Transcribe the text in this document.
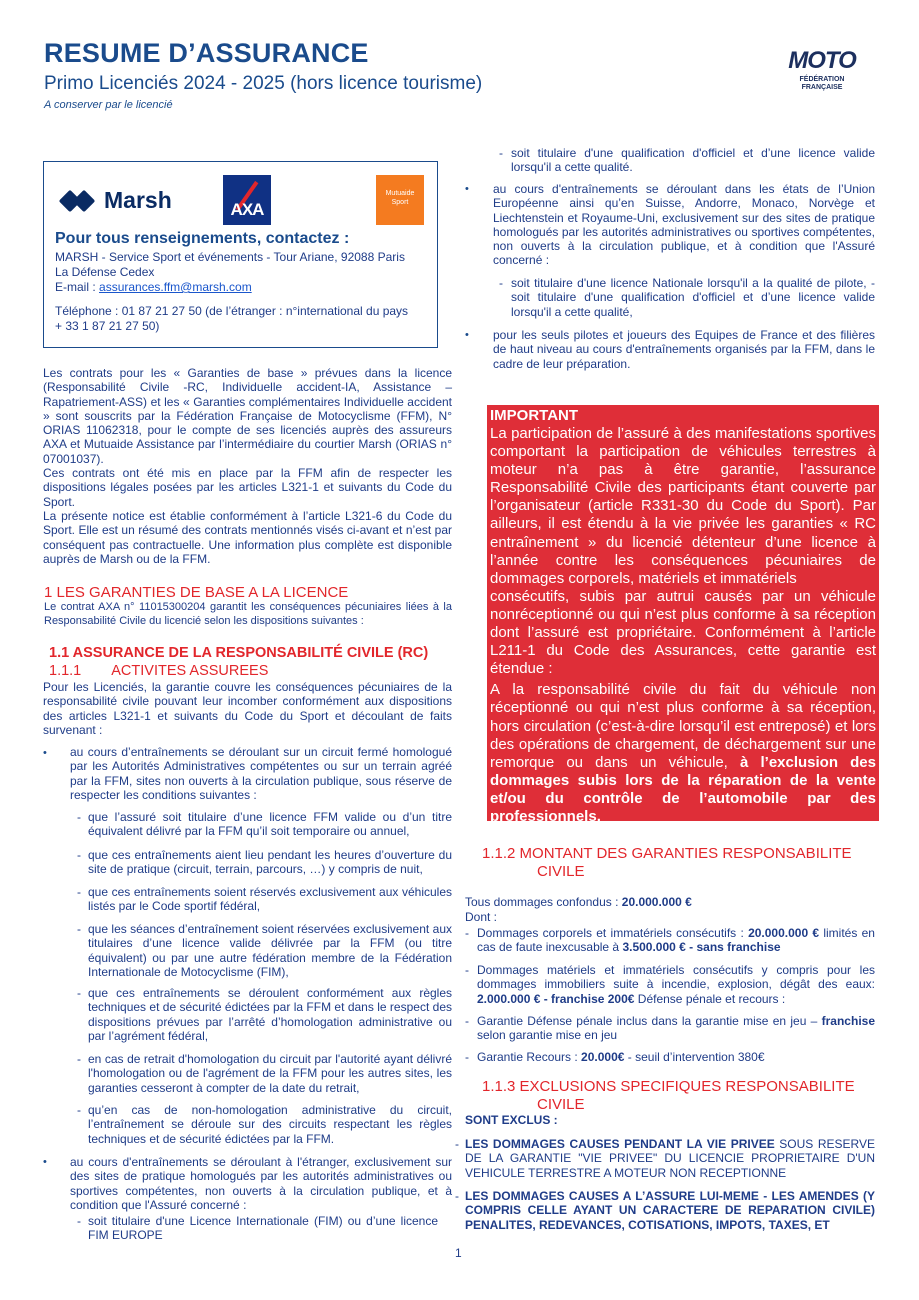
RESUME D’ASSURANCE
Primo Licenciés 2024 - 2025 (hors licence tourisme)
A conserver par le licencié
MOTO
FÉDÉRATION
FRANÇAISE
Marsh	AXA
Mutuaide
Sport
Pour tous renseignements, contactez :
MARSH - Service Sport et événements - Tour Ariane, 92088 Paris
La Défense Cedex
E-mail : assurances.ffm@marsh.com
Téléphone : 01 87 21 27 50 (de l’étranger : n°international du pays
+ 33 1 87 21 27 50)
Les contrats pour les « Garanties de base » prévues dans la licence (Responsabilité Civile -RC, Individuelle accident-IA, Assistance – Rapatriement-ASS) et les « Garanties complémentaires Individuelle accident » sont souscrits par la Fédération Française de Motocyclisme (FFM), N° ORIAS 11062318, pour le compte de ses licenciés auprès des assureurs AXA et Mutuaide Assistance par l’intermédiaire du courtier Marsh (ORIAS n° 07001037).
Ces contrats ont été mis en place par la FFM afin de respecter les dispositions légales posées par les articles L321-1 et suivants du Code du Sport.
La présente notice est établie conformément à l’article L321-6 du Code du Sport. Elle est un résumé des contrats mentionnés visés ci-avant et n’est par conséquent pas contractuelle. Une information plus complète est disponible auprès de Marsh ou de la FFM.
1 LES GARANTIES DE BASE A LA LICENCE
Le contrat AXA n° 11015300204 garantit les conséquences pécuniaires liées à la Responsabilité Civile du licencié selon les dispositions suivantes :
1.1 ASSURANCE DE LA RESPONSABILITÉ CIVILE (RC)
1.1.1 ACTIVITES ASSUREES
Pour les Licenciés, la garantie couvre les conséquences pécuniaires de la responsabilité civile pouvant leur incomber conformément aux dispositions des articles L321-1 et suivants du Code du Sport et découlant de faits survenant :
• au cours d’entraînements se déroulant sur un circuit fermé homologué par les Autorités Administratives compétentes ou sur un terrain agréé par la FFM, sites non ouverts à la circulation publique, sous réserve de respecter les conditions suivantes :
- que l’assuré soit titulaire d’une licence FFM valide ou d’un titre équivalent délivré par la FFM qu’il soit temporaire ou annuel,
- que ces entraînements aient lieu pendant les heures d’ouverture du site de pratique (circuit, terrain, parcours, …) y compris de nuit,
- que ces entraînements soient réservés exclusivement aux véhicules listés par le Code sportif fédéral,
- que les séances d’entraînement soient réservées exclusivement aux titulaires d’une licence valide délivrée par la FFM (ou titre équivalent) ou par une autre fédération membre de la Fédération Internationale de Motocyclisme (FIM),
- que ces entraînements se déroulent conformément aux règles techniques et de sécurité édictées par la FFM et dans le respect des dispositions prévues par l’arrêté d’homologation administrative ou par l’agrément fédéral,
- en cas de retrait d'homologation du circuit par l'autorité ayant délivré l'homologation ou de l'agrément de la FFM pour les autres sites, les garanties cesseront à compter de la date du retrait,
- qu’en cas de non-homologation administrative du circuit, l’entraînement se déroule sur des circuits respectant les règles techniques et de sécurité édictées par la FFM.
• au cours d'entraînements se déroulant à l'étranger, exclusivement sur des sites de pratique homologués par les autorités administratives ou sportives compétentes, non ouverts à la circulation publique, et à condition que l'Assuré concerné :
- soit titulaire d'une Licence Internationale (FIM) ou d’une licence FIM EUROPE
- soit titulaire d'une qualification d'officiel et d’une licence valide lorsqu'il a cette qualité.
• au cours d'entraînements se déroulant dans les états de l’Union Européenne ainsi qu’en Suisse, Andorre, Monaco, Norvège et Liechtenstein et Royaume-Uni, exclusivement sur des sites de pratique homologués par les autorités administratives ou sportives compétentes, non ouverts à la circulation publique, et à condition que l'Assuré concerné :
- soit titulaire d'une licence Nationale lorsqu'il a la qualité de pilote, - soit titulaire d'une qualification d'officiel et d’une licence valide lorsqu'il a cette qualité,
• pour les seuls pilotes et joueurs des Equipes de France et des filières de haut niveau au cours d'entraînements organisés par la FFM, dans le cadre de leur préparation.
IMPORTANT
La participation de l’assuré à des manifestations sportives comportant la participation de véhicules terrestres à moteur n’a pas à être garantie, l’assurance Responsabilité Civile des participants étant couverte par l’organisateur (article R331-30 du Code du Sport). Par ailleurs, il est étendu à la vie privée les garanties « RC entraînement » du licencié détenteur d’une licence à l’année contre les conséquences pécuniaires de dommages corporels, matériels et immatériels
consécutifs, subis par autrui causés par un véhicule nonréceptionné ou qui n’est plus conforme à sa réception dont l’assuré est propriétaire. Conformément à l’article L211-1 du Code des Assurances, cette garantie est étendue :
A la responsabilité civile du fait du véhicule non réceptionné ou qui n’est plus conforme à sa réception, hors circulation (c’est-à-dire lorsqu’il est entreposé) et lors des opérations de chargement, de déchargement sur une remorque ou dans un véhicule, à l’exclusion des dommages subis lors de la réparation de la vente et/ou du contrôle de l’automobile par des professionnels.
1.1.2 MONTANT DES GARANTIES RESPONSABILITE
CIVILE
Tous dommages confondus : 20.000.000 €
Dont :
- Dommages corporels et immatériels consécutifs : 20.000.000 € limités en cas de faute inexcusable à 3.500.000 € - sans franchise
- Dommages matériels et immatériels consécutifs y compris pour les dommages immobiliers suite à incendie, explosion, dégât des eaux: 2.000.000 € - franchise 200€ Défense pénale et recours :
- Garantie Défense pénale inclus dans la garantie mise en jeu – franchise selon garantie mise en jeu
- Garantie Recours : 20.000€ - seuil d’intervention 380€
1.1.3 EXCLUSIONS SPECIFIQUES RESPONSABILITE
CIVILE
SONT EXCLUS :
- LES DOMMAGES CAUSES PENDANT LA VIE PRIVEE SOUS RESERVE DE LA GARANTIE "VIE PRIVEE" DU LICENCIE PROPRIETAIRE D'UN VEHICULE TERRESTRE A MOTEUR NON RECEPTIONNE
- LES DOMMAGES CAUSES A L’ASSURE LUI-MEME - LES AMENDES (Y COMPRIS CELLE AYANT UN CARACTERE DE REPARATION CIVILE) PENALITES, REDEVANCES, COTISATIONS, IMPOTS, TAXES, ET
1
